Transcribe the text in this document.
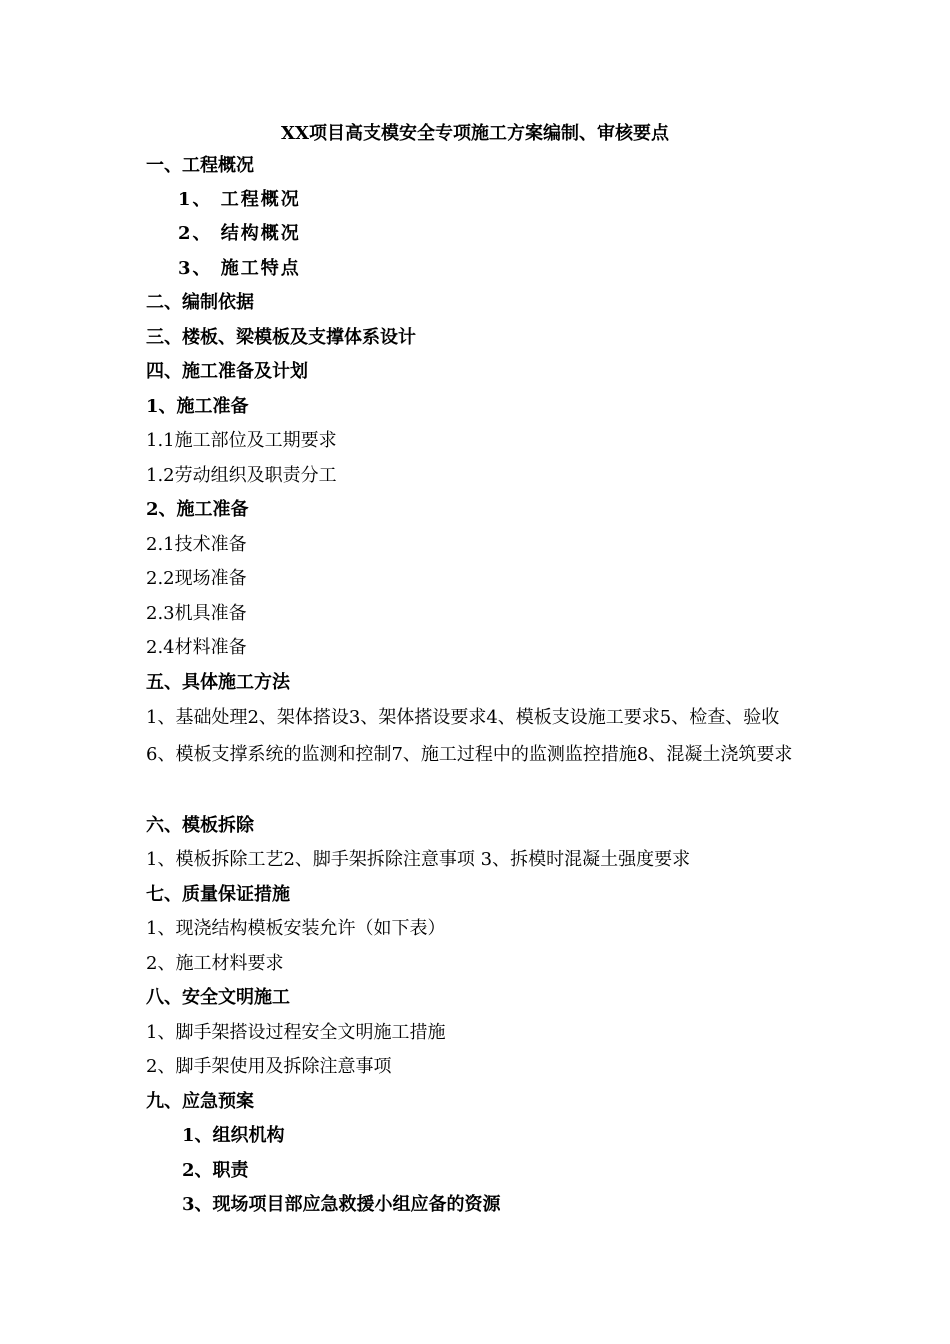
XX项目高支模安全专项施工方案编制、审核要点
一、工程概况
1、 工程概况
2、 结构概况
3、 施工特点
二、编制依据
三、楼板、梁模板及支撑体系设计
四、施工准备及计划
1、施工准备
1.1施工部位及工期要求
1.2劳动组织及职责分工
2、施工准备
2.1技术准备
2.2现场准备
2.3机具准备
2.4材料准备
五、具体施工方法
1、基础处理2、架体搭设3、架体搭设要求4、模板支设施工要求5、检查、验收6、模板支撑系统的监测和控制7、施工过程中的监测监控措施8、混凝土浇筑要求
六、模板拆除
1、模板拆除工艺2、脚手架拆除注意事项 3、拆模时混凝土强度要求
七、质量保证措施
1、现浇结构模板安装允许（如下表）
2、施工材料要求
八、安全文明施工
1、脚手架搭设过程安全文明施工措施
2、脚手架使用及拆除注意事项
九、应急预案
1、组织机构
2、职责
3、现场项目部应急救援小组应备的资源
